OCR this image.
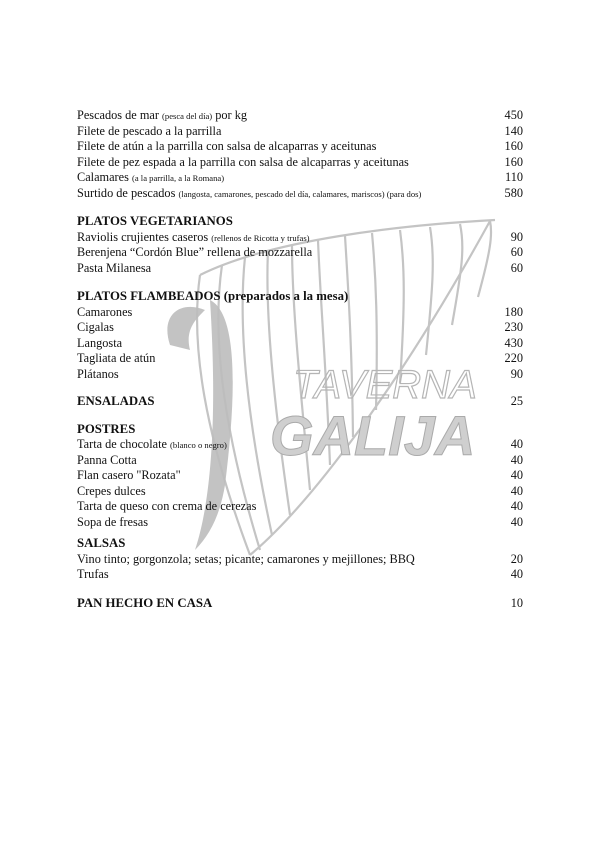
TAVERNA
GALIJA
Pescados de mar (pesca del día) por kg	450
Filete de pescado a la parrilla	140
Filete de atún a la parrilla con salsa de alcaparras y aceitunas	160
Filete de pez espada a la parrilla con salsa de alcaparras y aceitunas	160
Calamares (a la parrilla, a la Romana)	110
Surtido de pescados (langosta, camarones, pescado del día, calamares, mariscos) (para dos)	580
PLATOS VEGETARIANOS
Raviolis crujientes caseros (rellenos de Ricotta y trufas)	90
Berenjena “Cordón Blue” rellena de mozzarella	60
Pasta Milanesa	60
PLATOS FLAMBEADOS (preparados a la mesa)
Camarones	180
Cigalas	230
Langosta	430
Tagliata de atún	220
Plátanos	90
ENSALADAS	25
POSTRES
Tarta de chocolate (blanco o negro)	40
Panna Cotta	40
Flan casero "Rozata"	40
Crepes dulces	40
Tarta de queso con crema de cerezas	40
Sopa de fresas	40
SALSAS
Vino tinto; gorgonzola; setas; picante; camarones y mejillones; BBQ	20
Trufas	40
PAN HECHO EN CASA	10
